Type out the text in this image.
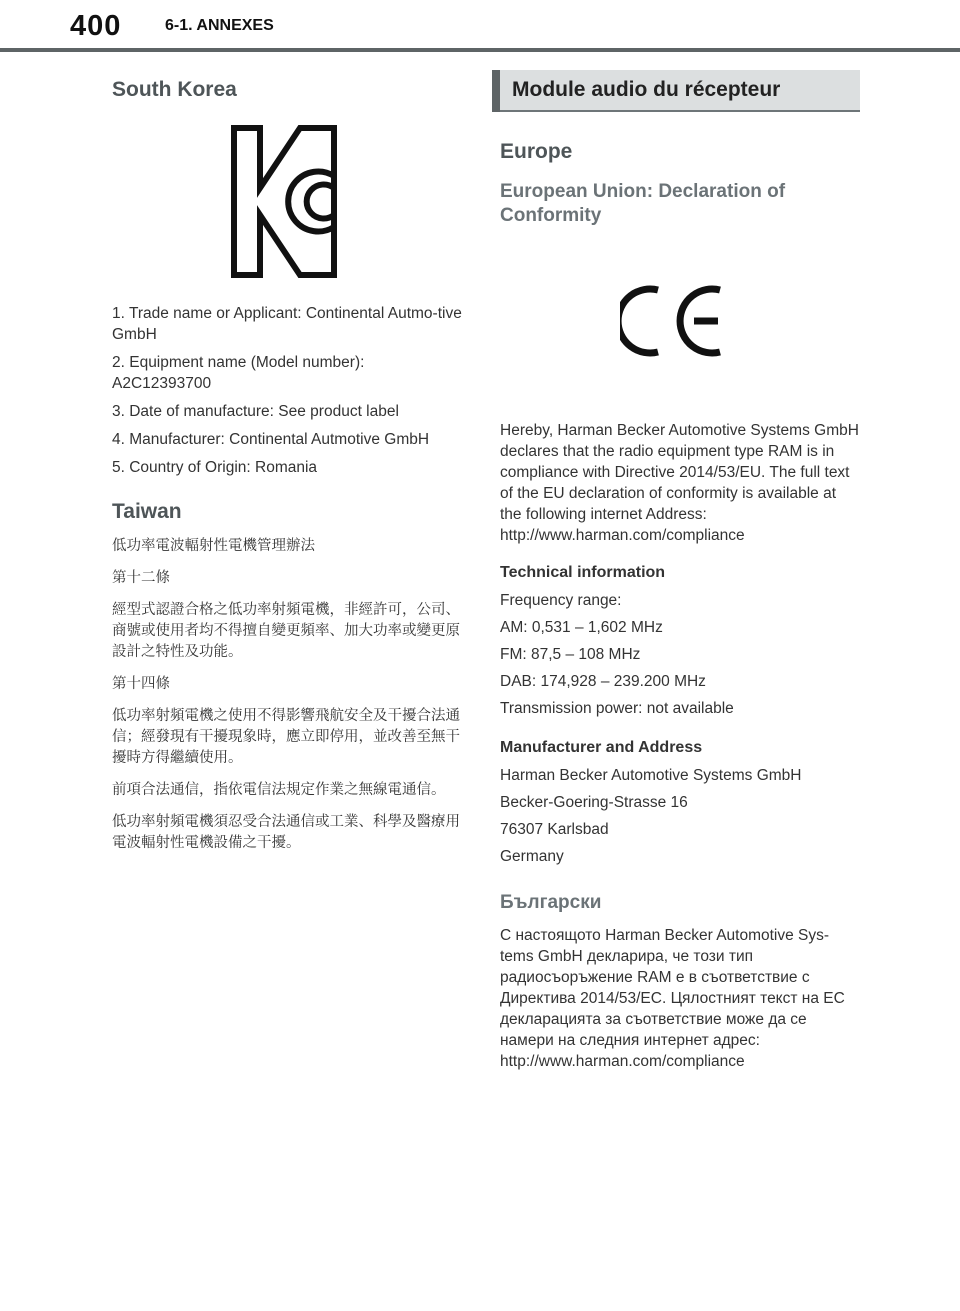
400	6-1. ANNEXES
South Korea

1. Trade name or Applicant: Continental Autmo-tive GmbH

2. Equipment name (Model number): A2C12393700

3. Date of manufacture: See product label

4. Manufacturer: Continental Autmotive GmbH

5. Country of Origin: Romania

Taiwan

低功率電波輻射性電機管理辦法

第十二條

經型式認證合格之低功率射頻電機，非經許可，公司、商號或使用者均不得擅自變更頻率、加大功率或變更原設計之特性及功能。

第十四條

低功率射頻電機之使用不得影響飛航安全及干擾合法通信；經發現有干擾現象時，應立即停用，並改善至無干擾時方得繼續使用。

前項合法通信，指依電信法規定作業之無線電通信。

低功率射頻電機須忍受合法通信或工業、科學及醫療用電波輻射性電機設備之干擾。

Module audio du récepteur
Europe
European Union: Declaration of Conformity

Hereby, Harman Becker Automotive Systems GmbH declares that the radio equipment type RAM is in compliance with Directive 2014/53/EU. The full text of the EU declaration of conformity is available at the following internet Address: http://www.harman.com/compliance

Technical information

Frequency range:

AM: 0,531 – 1,602 MHz

FM: 87,5 – 108 MHz

DAB: 174,928 – 239.200 MHz

Transmission power: not available

Manufacturer and Address

Harman Becker Automotive Systems GmbH

Becker-Goering-Strasse 16

76307 Karlsbad

Germany

Български

С настоящото Harman Becker Automotive Sys-tems GmbH декларира, че този тип радиосъоръжение RAM е в съответствие с Директива 2014/53/ЕС. Цялостният текст на ЕС декларацията за съответствие може да се намери на следния интернет адрес: http://www.harman.com/compliance
